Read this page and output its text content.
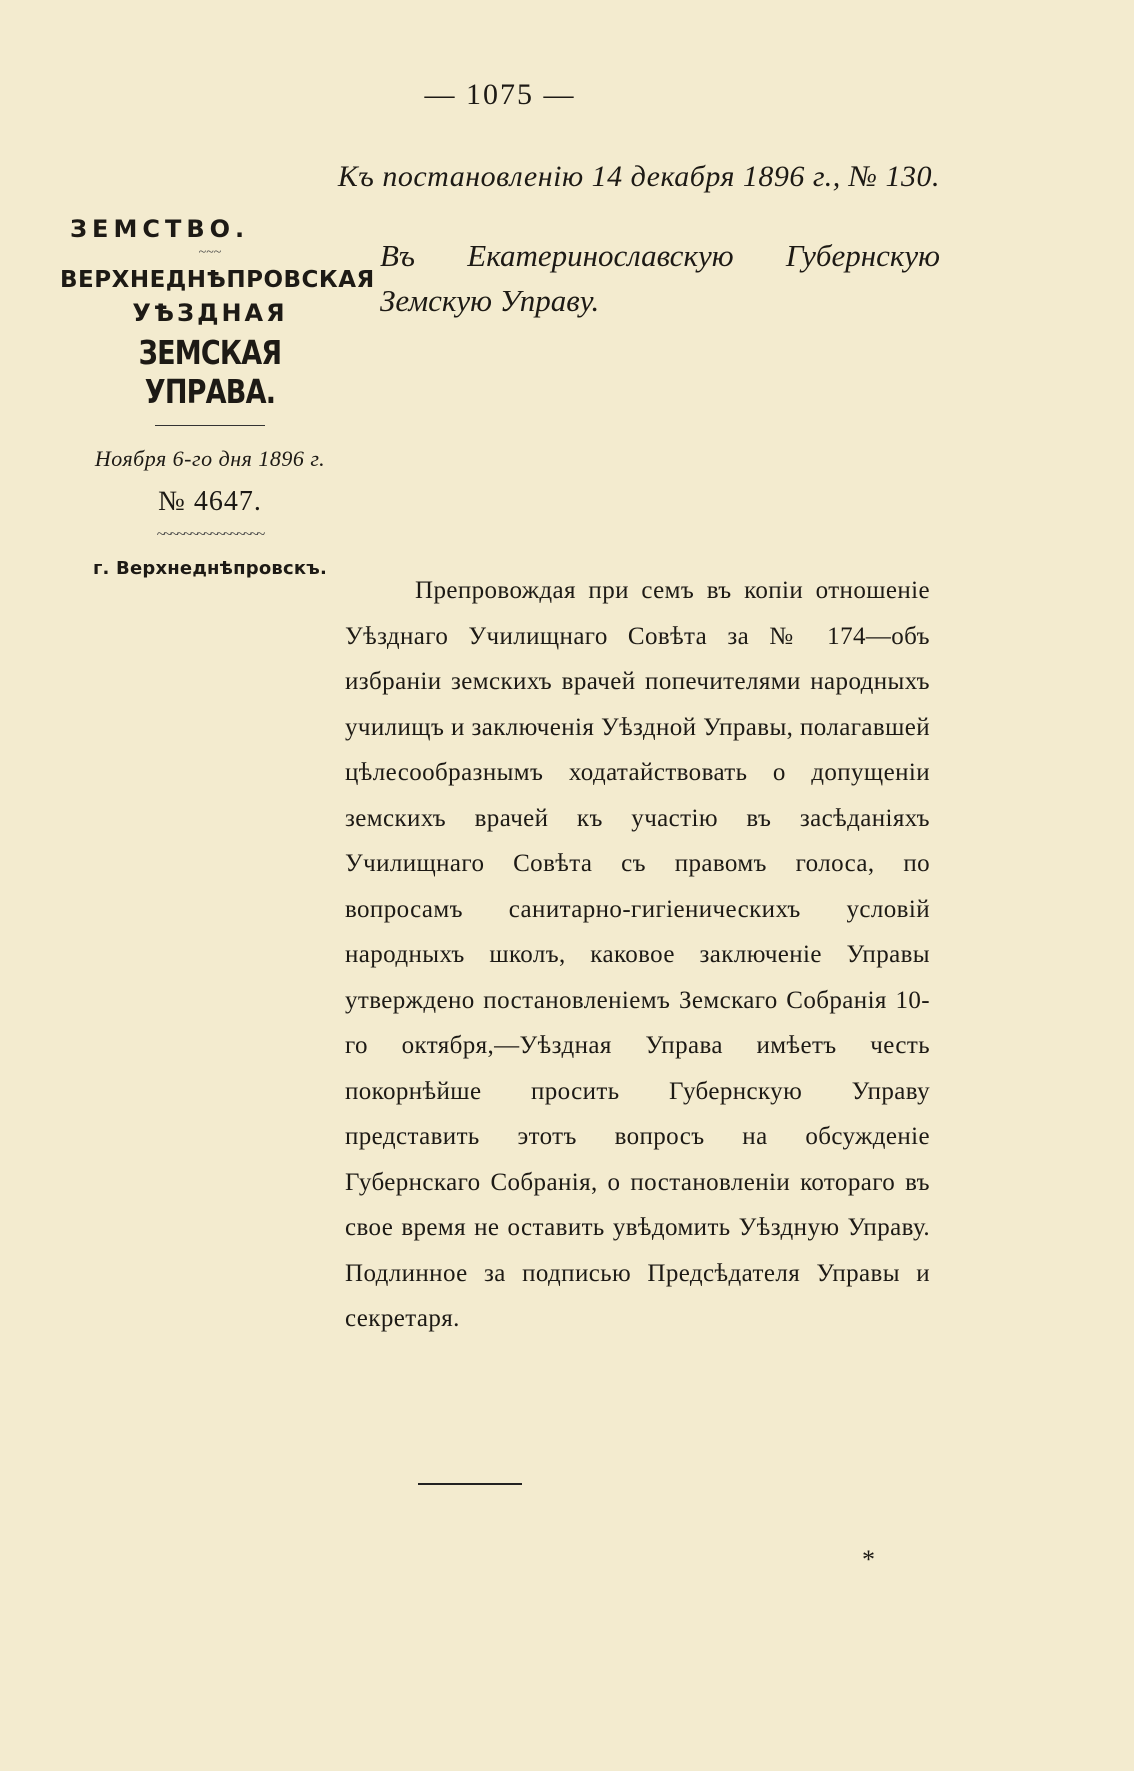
— 1075 —
Къ постановленію 14 декабря 1896 г., № 130.
ЗЕМСТВО.
~~~
ВЕРХНЕДНѢПРОВСКАЯ
УѢЗДНАЯ
ЗЕМСКАЯ УПРАВА.
Ноября 6-го дня 1896 г.
№ 4647.
~~~~~~~~~~~~~~~~
г. Верхнеднѣпровскъ.
Въ Екатеринославскую Губернскую Земскую Управу.

Препровождая при семъ въ копіи отношеніе Уѣзднаго Училищнаго Совѣта за № 174—объ избраніи земскихъ врачей попечителями народныхъ училищъ и заключенія Уѣздной Управы, полагавшей цѣлесообразнымъ ходатайствовать о допущеніи земскихъ врачей къ участію въ засѣданіяхъ Училищнаго Совѣта съ правомъ голоса, по вопросамъ санитарно-гигіеническихъ условій народныхъ школъ, каковое заключеніе Управы утверждено постановленіемъ Земскаго Собранія 10-го октября,—Уѣздная Управа имѣетъ честь покорнѣйше просить Губернскую Управу представить этотъ вопросъ на обсужденіе Губернскаго Собранія, о постановленіи котораго въ свое время не оставить увѣдомить Уѣздную Управу. Подлинное за подписью Предсѣдателя Управы и секретаря.

*
